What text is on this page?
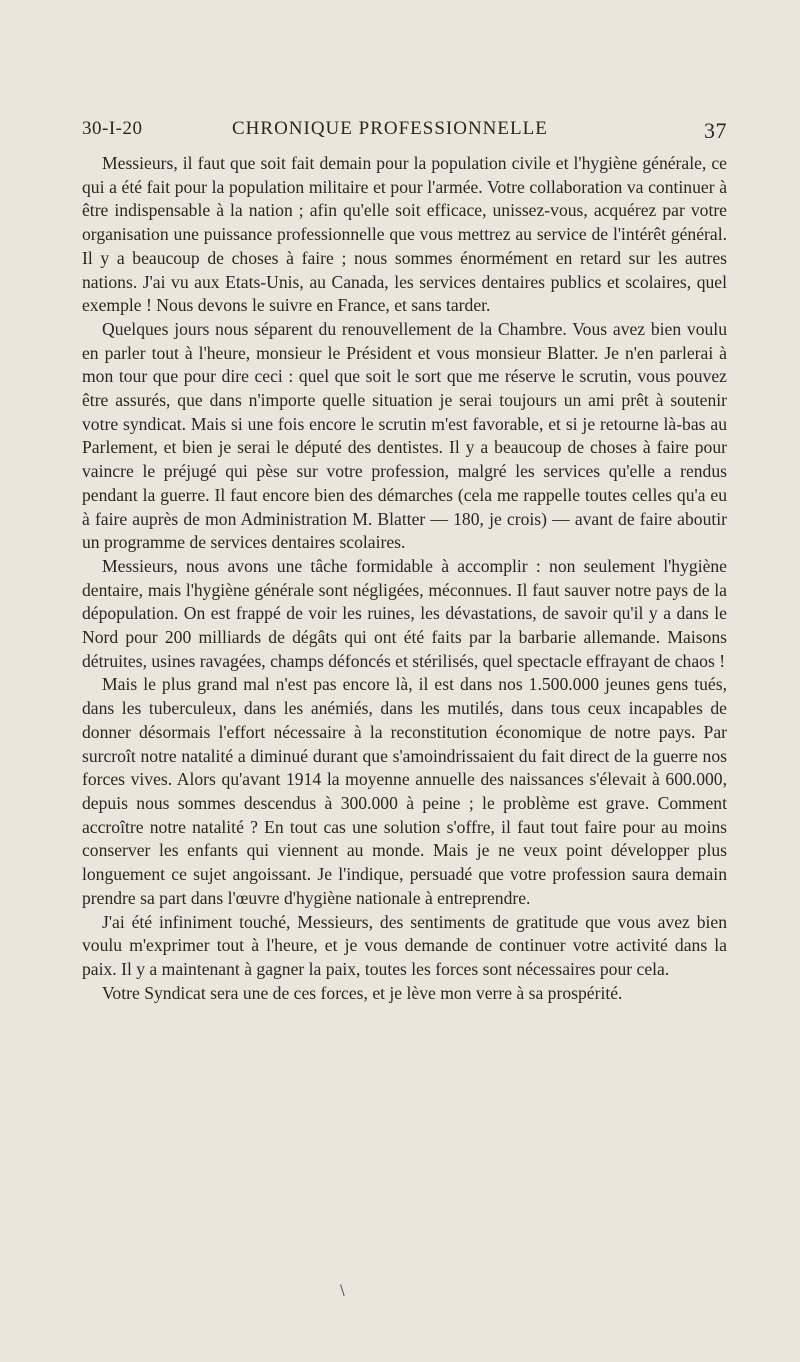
30-I-20	CHRONIQUE PROFESSIONNELLE	37

Messieurs, il faut que soit fait demain pour la population civile et l'hygiène générale, ce qui a été fait pour la population militaire et pour l'armée. Votre collaboration va continuer à être indispensable à la nation ; afin qu'elle soit efficace, unissez-vous, acquérez par votre organisation une puissance professionnelle que vous mettrez au service de l'intérêt général. Il y a beaucoup de choses à faire ; nous sommes énormément en retard sur les autres nations. J'ai vu aux Etats-Unis, au Canada, les services dentaires publics et scolaires, quel exemple ! Nous devons le suivre en France, et sans tarder.

Quelques jours nous séparent du renouvellement de la Chambre. Vous avez bien voulu en parler tout à l'heure, monsieur le Président et vous monsieur Blatter. Je n'en parlerai à mon tour que pour dire ceci : quel que soit le sort que me réserve le scrutin, vous pouvez être assurés, que dans n'importe quelle situation je serai toujours un ami prêt à soutenir votre syndicat. Mais si une fois encore le scrutin m'est favorable, et si je retourne là-bas au Parlement, et bien je serai le député des dentistes. Il y a beaucoup de choses à faire pour vaincre le préjugé qui pèse sur votre profession, malgré les services qu'elle a rendus pendant la guerre. Il faut encore bien des démarches (cela me rappelle toutes celles qu'a eu à faire auprès de mon Administration M. Blatter — 180, je crois) — avant de faire aboutir un programme de services dentaires scolaires.

Messieurs, nous avons une tâche formidable à accomplir : non seulement l'hygiène dentaire, mais l'hygiène générale sont négligées, méconnues. Il faut sauver notre pays de la dépopulation. On est frappé de voir les ruines, les dévastations, de savoir qu'il y a dans le Nord pour 200 milliards de dégâts qui ont été faits par la barbarie allemande. Maisons détruites, usines ravagées, champs défoncés et stérilisés, quel spectacle effrayant de chaos !

Mais le plus grand mal n'est pas encore là, il est dans nos 1.500.000 jeunes gens tués, dans les tuberculeux, dans les anémiés, dans les mutilés, dans tous ceux incapables de donner désormais l'effort nécessaire à la reconstitution économique de notre pays. Par surcroît notre natalité a diminué durant que s'amoindrissaient du fait direct de la guerre nos forces vives. Alors qu'avant 1914 la moyenne annuelle des naissances s'élevait à 600.000, depuis nous sommes descendus à 300.000 à peine ; le problème est grave. Comment accroître notre natalité ? En tout cas une solution s'offre, il faut tout faire pour au moins conserver les enfants qui viennent au monde. Mais je ne veux point développer plus longuement ce sujet angoissant. Je l'indique, persuadé que votre profession saura demain prendre sa part dans l'œuvre d'hygiène nationale à entreprendre.

J'ai été infiniment touché, Messieurs, des sentiments de gratitude que vous avez bien voulu m'exprimer tout à l'heure, et je vous demande de continuer votre activité dans la paix. Il y a maintenant à gagner la paix, toutes les forces sont nécessaires pour cela.

Votre Syndicat sera une de ces forces, et je lève mon verre à sa prospérité.

\
